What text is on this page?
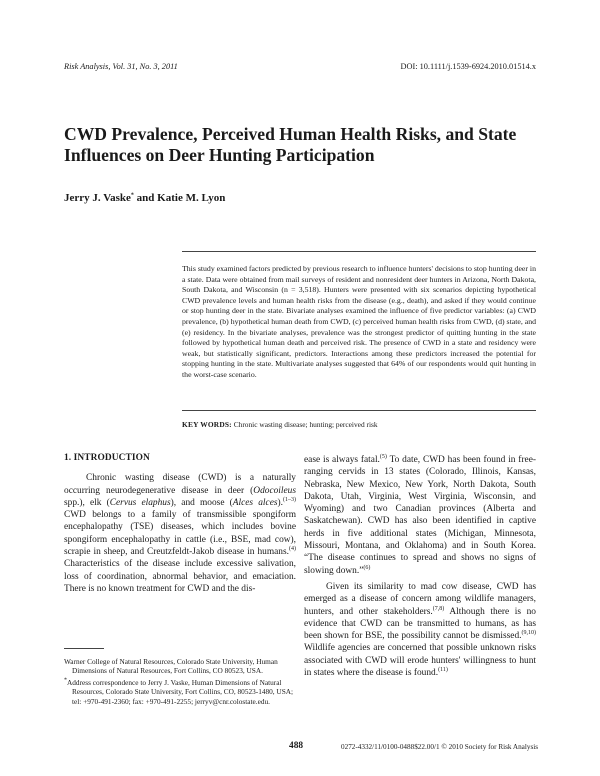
Risk Analysis, Vol. 31, No. 3, 2011	DOI: 10.1111/j.1539-6924.2010.01514.x
CWD Prevalence, Perceived Human Health Risks, and State
Influences on Deer Hunting Participation
Jerry J. Vaske* and Katie M. Lyon
This study examined factors predicted by previous research to influence hunters' decisions to stop hunting deer in a state. Data were obtained from mail surveys of resident and nonresident deer hunters in Arizona, North Dakota, South Dakota, and Wisconsin (n = 3,518). Hunters were presented with six scenarios depicting hypothetical CWD prevalence levels and human health risks from the disease (e.g., death), and asked if they would continue or stop hunting deer in the state. Bivariate analyses examined the influence of five predictor variables: (a) CWD prevalence, (b) hypothetical human death from CWD, (c) perceived human health risks from CWD, (d) state, and (e) residency. In the bivariate analyses, prevalence was the strongest predictor of quitting hunting in the state followed by hypothetical human death and perceived risk. The presence of CWD in a state and residency were weak, but statistically significant, predictors. Interactions among these predictors increased the potential for stopping hunting in the state. Multivariate analyses suggested that 64% of our respondents would quit hunting in the worst-case scenario.
KEY WORDS: Chronic wasting disease; hunting; perceived risk
1. INTRODUCTION

Chronic wasting disease (CWD) is a naturally occurring neurodegenerative disease in deer (Odocoileus spp.), elk (Cervus elaphus), and moose (Alces alces).$^{(1-3)}$ CWD belongs to a family of transmissible spongiform encephalopathy (TSE) diseases, which includes bovine spongiform encephalopathy in cattle (i.e., BSE, mad cow), scrapie in sheep, and Creutzfeldt-Jakob disease in humans.$^{(4)}$ Characteristics of the disease include excessive salivation, loss of coordination, abnormal behavior, and emaciation. There is no known treatment for CWD and the dis-

ease is always fatal.$^{(5)}$ To date, CWD has been found in free-ranging cervids in 13 states (Colorado, Illinois, Kansas, Nebraska, New Mexico, New York, North Dakota, South Dakota, Utah, Virginia, West Virginia, Wisconsin, and Wyoming) and two Canadian provinces (Alberta and Saskatchewan). CWD has also been identified in captive herds in five additional states (Michigan, Minnesota, Missouri, Montana, and Oklahoma) and in South Korea. “The disease continues to spread and shows no signs of slowing down.”$^{(6)}$

Given its similarity to mad cow disease, CWD has emerged as a disease of concern among wildlife managers, hunters, and other stakeholders.$^{(7,8)}$ Although there is no evidence that CWD can be transmitted to humans, as has been shown for BSE, the possibility cannot be dismissed.$^{(9,10)}$ Wildlife agencies are concerned that possible unknown risks associated with CWD will erode hunters' willingness to hunt in states where the disease is found.$^{(11)}$

Warner College of Natural Resources, Colorado State University, Human Dimensions of Natural Resources, Fort Collins, CO 80523, USA.

*Address correspondence to Jerry J. Vaske, Human Dimensions of Natural Resources, Colorado State University, Fort Collins, CO, 80523-1480, USA; tel: +970-491-2360; fax: +970-491-2255; jerryv@cnr.colostate.edu.

488	0272-4332/11/0100-0488$22.00/1 © 2010 Society for Risk Analysis
